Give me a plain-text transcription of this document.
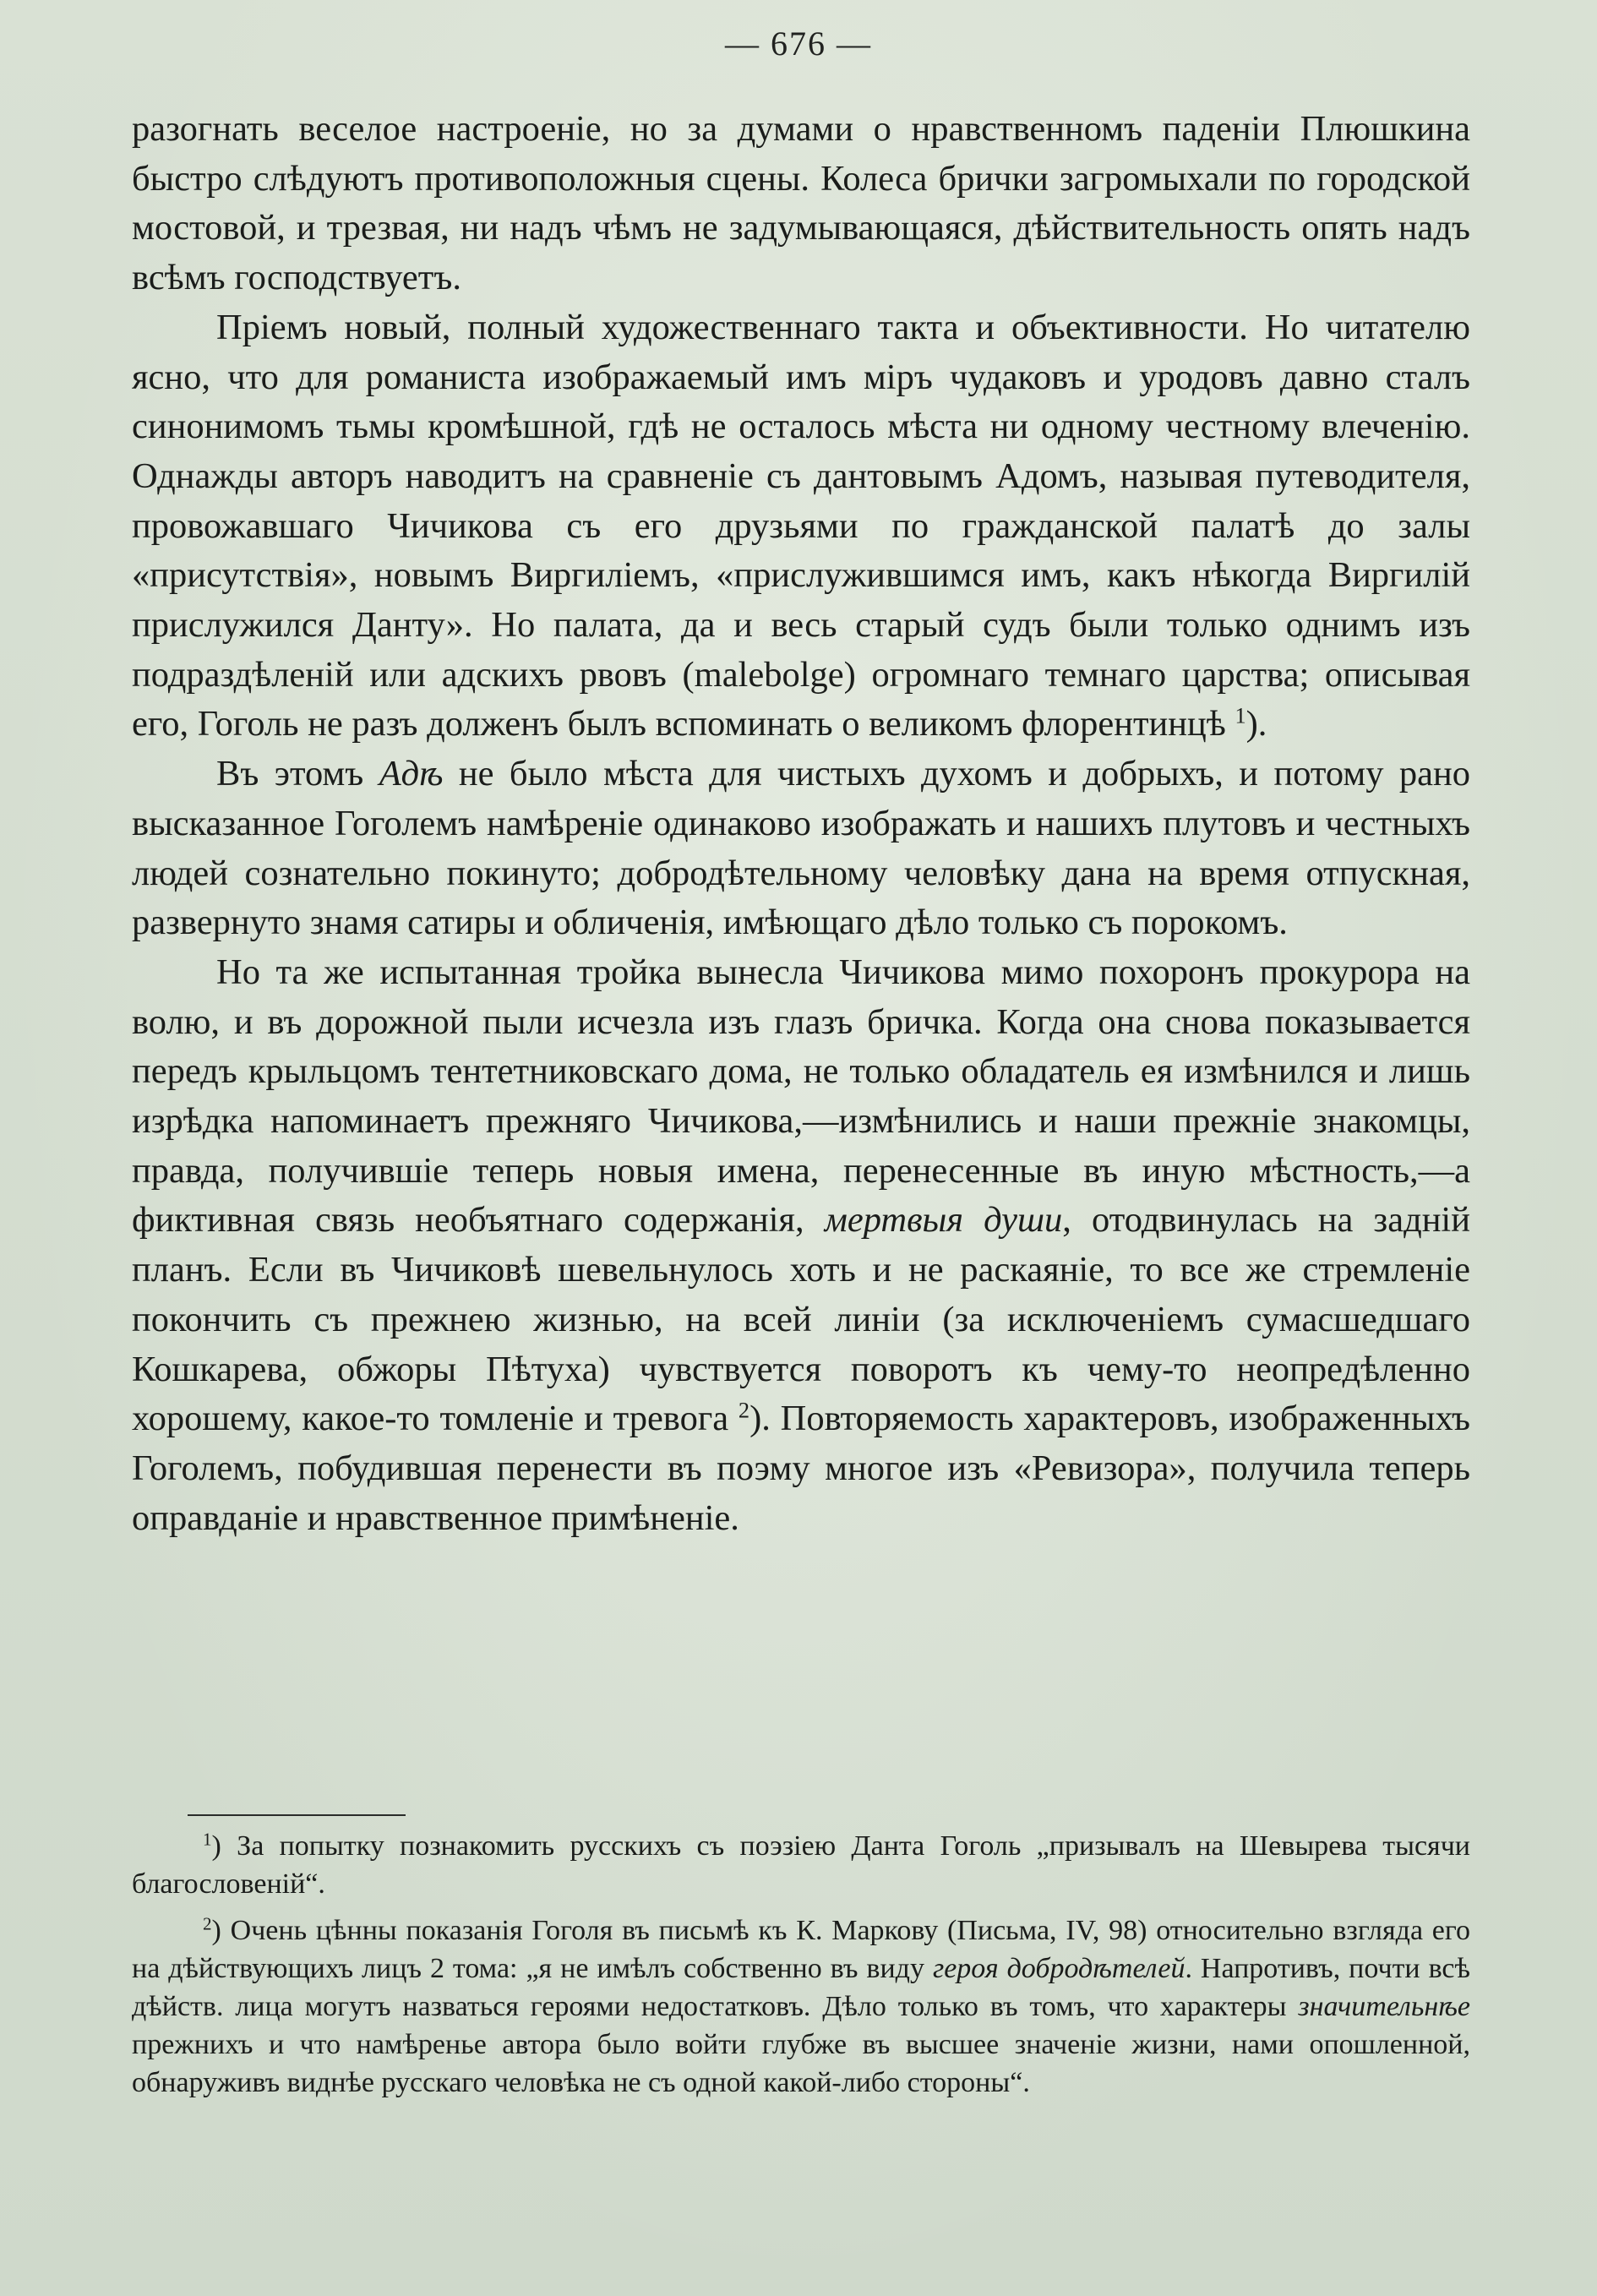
— 676 —

разогнать веселое настроеніе, но за думами о нравственномъ паденіи Плюшкина быстро слѣдуютъ противоположныя сцены. Колеса брички загромыхали по городской мостовой, и трезвая, ни надъ чѣмъ не задумывающаяся, дѣйствительность опять надъ всѣмъ господствуетъ.

Пріемъ новый, полный художественнаго такта и объективности. Но читателю ясно, что для романиста изображаемый имъ міръ чудаковъ и уродовъ давно сталъ синонимомъ тьмы кромѣшной, гдѣ не осталось мѣста ни одному честному влеченію. Однажды авторъ наводитъ на сравненіе съ дантовымъ Адомъ, называя путеводителя, провожавшаго Чичикова съ его друзьями по гражданской палатѣ до залы «присутствія», новымъ Виргиліемъ, «прислужившимся имъ, какъ нѣкогда Виргилій прислужился Данту». Но палата, да и весь старый судъ были только однимъ изъ подраздѣленій или адскихъ рвовъ (malebolge) огромнаго темнаго царства; описывая его, Гоголь не разъ долженъ былъ вспоминать о великомъ флорентинцѣ $^1$).

Въ этомъ Адѣ не было мѣста для чистыхъ духомъ и добрыхъ, и потому рано высказанное Гоголемъ намѣреніе одинаково изображать и нашихъ плутовъ и честныхъ людей сознательно покинуто; добродѣтельному человѣку дана на время отпускная, развернуто знамя сатиры и обличенія, имѣющаго дѣло только съ порокомъ.

Но та же испытанная тройка вынесла Чичикова мимо похоронъ прокурора на волю, и въ дорожной пыли исчезла изъ глазъ бричка. Когда она снова показывается передъ крыльцомъ тентетниковскаго дома, не только обладатель ея измѣнился и лишь изрѣдка напоминаетъ прежняго Чичикова,—измѣнились и наши прежніе знакомцы, правда, получившіе теперь новыя имена, перенесенные въ иную мѣстность,—а фиктивная связь необъятнаго содержанія, мертвыя души, отодвинулась на задній планъ. Если въ Чичиковѣ шевельнулось хоть и не раскаяніе, то все же стремленіе покончить съ прежнею жизнью, на всей линіи (за исключеніемъ сумасшедшаго Кошкарева, обжоры Пѣтуха) чувствуется поворотъ къ чему-то неопредѣленно хорошему, какое-то томленіе и тревога $^2$). Повторяемость характеровъ, изображенныхъ Гоголемъ, побудившая перенести въ поэму многое изъ «Ревизора», получила теперь оправданіе и нравственное примѣненіе.

$^1$) За попытку познакомить русскихъ съ поэзіею Данта Гоголь „призывалъ на Шевырева тысячи благословеній“.

$^2$) Очень цѣнны показанія Гоголя въ письмѣ къ К. Маркову (Письма, IV, 98) относительно взгляда его на дѣйствующихъ лицъ 2 тома: „я не имѣлъ собственно въ виду героя добродѣтелей. Напротивъ, почти всѣ дѣйств. лица могутъ назваться героями недостатковъ. Дѣло только въ томъ, что характеры значительнѣе прежнихъ и что намѣренье автора было войти глубже въ высшее значеніе жизни, нами опошленной, обнаруживъ виднѣе русскаго человѣка не съ одной какой-либо стороны“.
